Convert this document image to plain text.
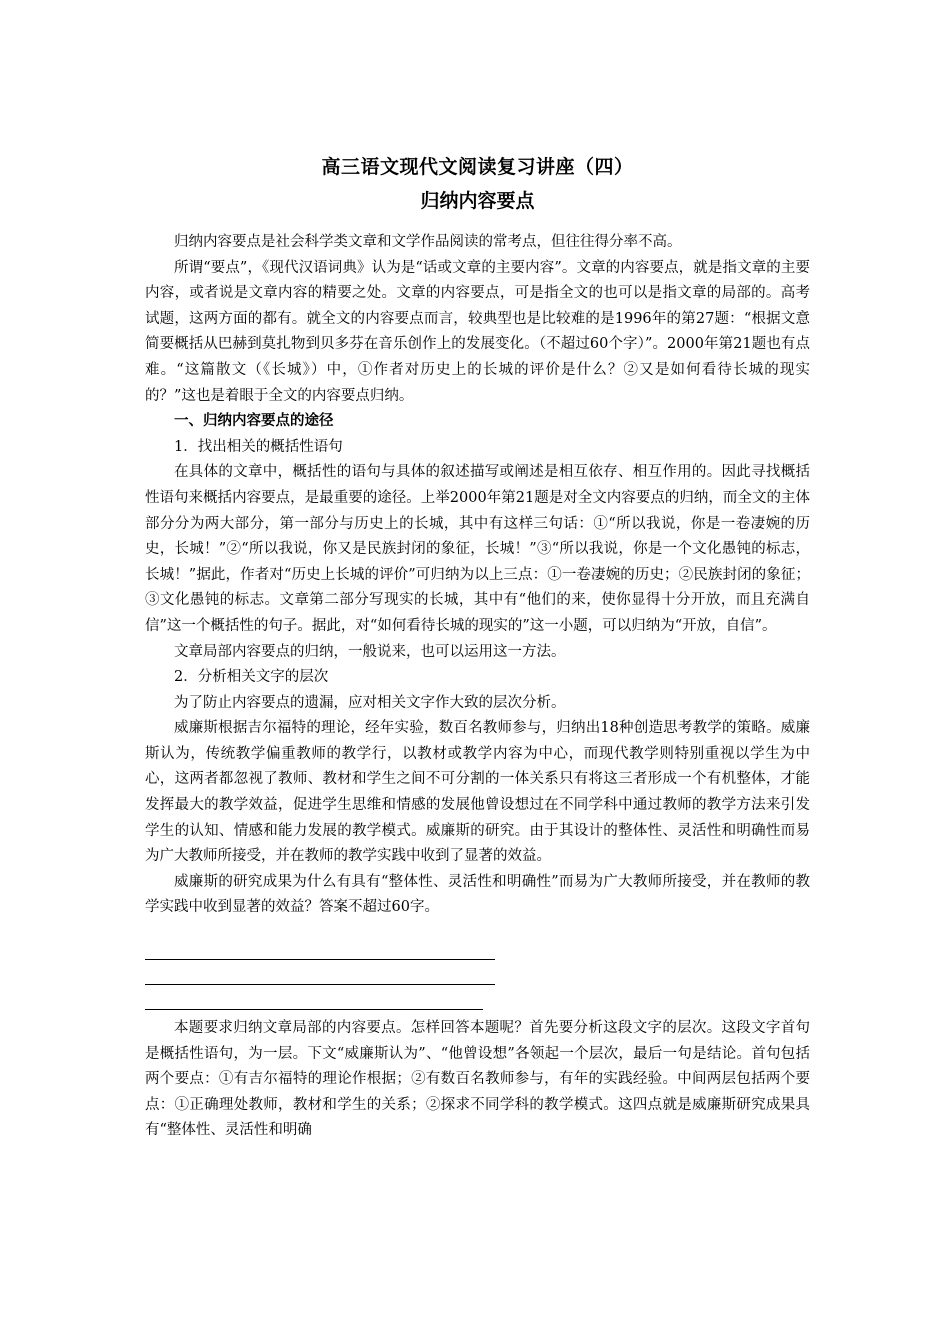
高三语文现代文阅读复习讲座（四）
归纳内容要点

归纳内容要点是社会科学类文章和文学作品阅读的常考点，但往往得分率不高。

所谓“要点”，《现代汉语词典》认为是“话或文章的主要内容”。文章的内容要点，就是指文章的主要内容，或者说是文章内容的精要之处。文章的内容要点，可是指全文的也可以是指文章的局部的。高考试题，这两方面的都有。就全文的内容要点而言，较典型也是比较难的是1996年的第27题：“根据文意简要概括从巴赫到莫扎物到贝多芬在音乐创作上的发展变化。（不超过60个字）”。2000年第21题也有点难。“这篇散文（《长城》）中，①作者对历史上的长城的评价是什么？②又是如何看待长城的现实的？”这也是着眼于全文的内容要点归纳。

一、归纳内容要点的途径

1．找出相关的概括性语句

在具体的文章中，概括性的语句与具体的叙述描写或阐述是相互依存、相互作用的。因此寻找概括性语句来概括内容要点，是最重要的途径。上举2000年第21题是对全文内容要点的归纳，而全文的主体部分分为两大部分，第一部分与历史上的长城，其中有这样三句话：①“所以我说，你是一卷凄婉的历史，长城！”②“所以我说，你又是民族封闭的象征，长城！”③“所以我说，你是一个文化愚钝的标志，长城！”据此，作者对“历史上长城的评价”可归纳为以上三点：①一卷凄婉的历史；②民族封闭的象征；③文化愚钝的标志。文章第二部分写现实的长城，其中有“他们的来，使你显得十分开放，而且充满自信”这一个概括性的句子。据此，对“如何看待长城的现实的”这一小题，可以归纳为“开放，自信”。

文章局部内容要点的归纳，一般说来，也可以运用这一方法。

2．分析相关文字的层次

为了防止内容要点的遗漏，应对相关文字作大致的层次分析。

威廉斯根据吉尔福特的理论，经年实验，数百名教师参与，归纳出18种创造思考教学的策略。威廉斯认为，传统教学偏重教师的教学行，以教材或教学内容为中心，而现代教学则特别重视以学生为中心，这两者都忽视了教师、教材和学生之间不可分割的一体关系只有将这三者形成一个有机整体，才能发挥最大的教学效益，促进学生思维和情感的发展他曾设想过在不同学科中通过教师的教学方法来引发学生的认知、情感和能力发展的教学模式。威廉斯的研究。由于其设计的整体性、灵活性和明确性而易为广大教师所接受，并在教师的教学实践中收到了显著的效益。

威廉斯的研究成果为什么有具有“整体性、灵活性和明确性”而易为广大教师所接受，并在教师的教学实践中收到显著的效益？答案不超过60字。

本题要求归纳文章局部的内容要点。怎样回答本题呢？首先要分析这段文字的层次。这段文字首句是概括性语句，为一层。下文“威廉斯认为”、“他曾设想”各领起一个层次，最后一句是结论。首句包括两个要点：①有吉尔福特的理论作根据；②有数百名教师参与，有年的实践经验。中间两层包括两个要点：①正确理处教师，教材和学生的关系；②探求不同学科的教学模式。这四点就是威廉斯研究成果具有“整体性、灵活性和明确
